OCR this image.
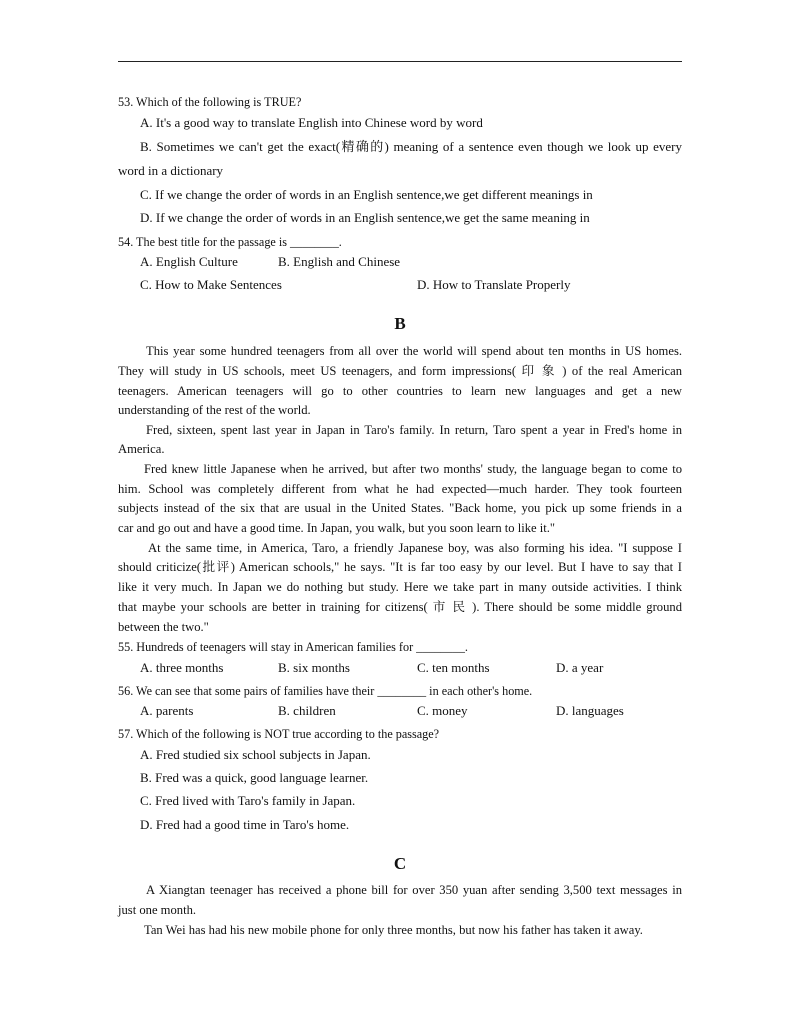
53. Which of the following is TRUE?
A. It's a good way to translate English into Chinese word by word
B. Sometimes we can't get the exact(精确的) meaning of a sentence even though we look up every
word in a dictionary
C. If we change the order of words in an English sentence,we get different meanings in
D. If we change the order of words in an English sentence,we get the same meaning in
54. The best title for the passage is ________.
A. English Culture	B. English and Chinese
C. How to Make Sentences	D. How to Translate Properly
B
This year some hundred teenagers from all over the world will spend about ten months in US homes.
They will study in US schools, meet US teenagers, and form impressions( 印 象 ) of the real American
teenagers. American teenagers will go to other countries to learn new languages and get a new
understanding of the rest of the world.
Fred, sixteen, spent last year in Japan in Taro's family. In return, Taro spent a year in Fred's home in
America.
Fred knew little Japanese when he arrived, but after two months' study, the language began to come to
him. School was completely different from what he had expected—much harder. They took fourteen
subjects instead of the six that are usual in the United States. "Back home, you pick up some friends in a
car and go out and have a good time. In Japan, you walk, but you soon learn to like it."
At the same time, in America, Taro, a friendly Japanese boy, was also forming his idea. "I suppose I
should criticize(批评) American schools," he says. "It is far too easy by our level. But I have to say that I
like it very much. In Japan we do nothing but study. Here we take part in many outside activities. I think
that maybe your schools are better in training for citizens( 市 民 ). There should be some middle ground
between the two."
55. Hundreds of teenagers will stay in American families for ________.
A. three months	B. six months	C. ten months	D. a year
56. We can see that some pairs of families have their ________ in each other's home.
A. parents	B. children	C. money	D. languages
57. Which of the following is NOT true according to the passage?
A. Fred studied six school subjects in Japan.
B. Fred was a quick, good language learner.
C. Fred lived with Taro's family in Japan.
D. Fred had a good time in Taro's home.
C
A Xiangtan teenager has received a phone bill for over 350 yuan after sending 3,500 text messages in
just one month.
Tan Wei has had his new mobile phone for only three months, but now his father has taken it away.
